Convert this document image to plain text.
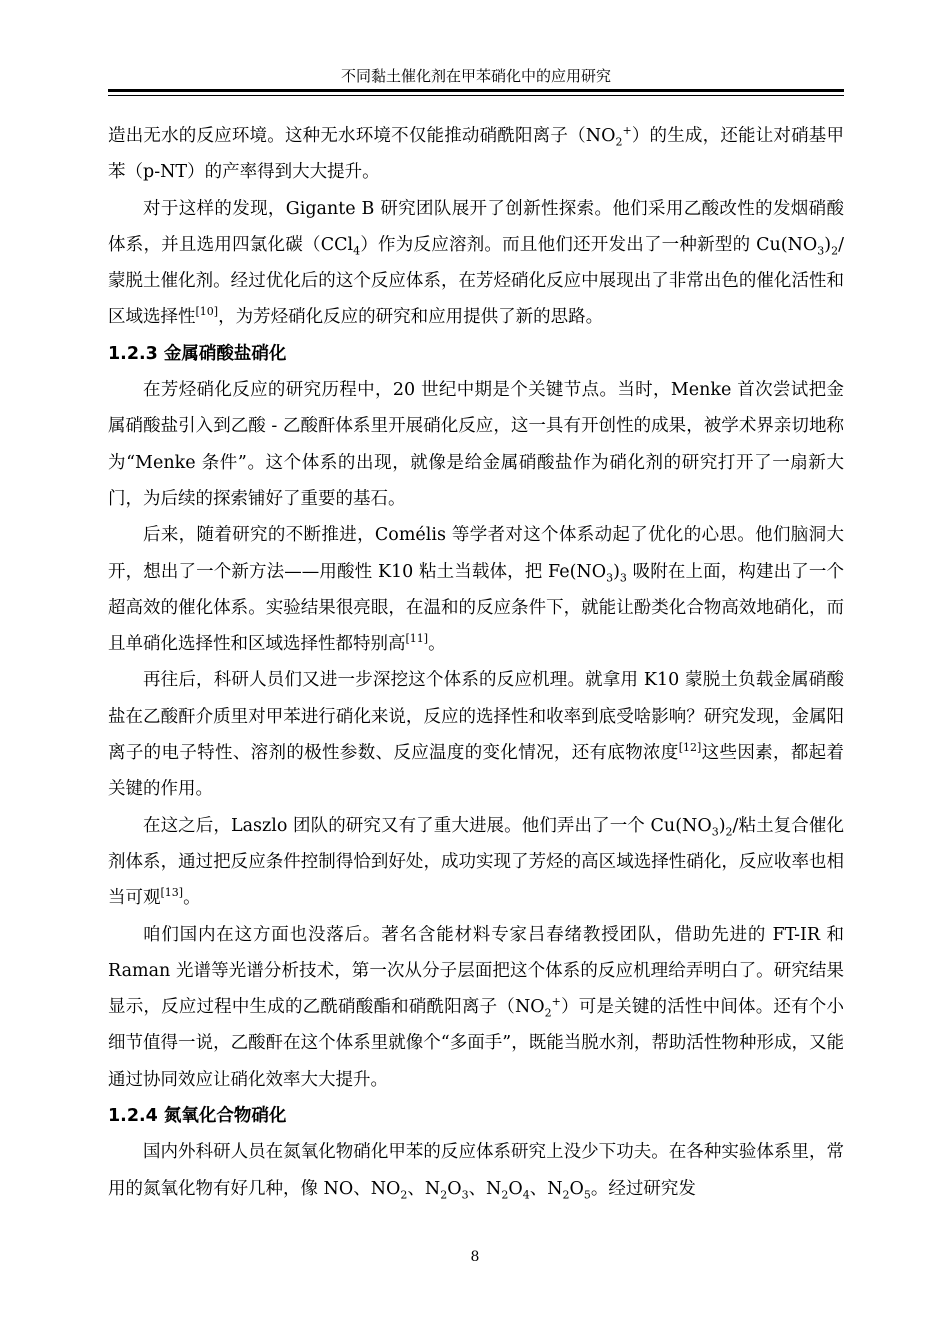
不同黏土催化剂在甲苯硝化中的应用研究

造出无水的反应环境。这种无水环境不仅能推动硝酰阳离子$(NO_2^+)$的生成，还能让对硝基甲苯（p-NT）的产率得到大大提升。

对于这样的发现，Gigante B 研究团队展开了创新性探索。他们采用乙酸改性的发烟硝酸体系，并且选用四氯化碳（CCl$_4$）作为反应溶剂。而且他们还开发出了一种新型的 $Cu(NO_3)_2/$蒙脱土催化剂。经过优化后的这个反应体系，在芳烃硝化反应中展现出了非常出色的催化活性和区域选择性[10]，为芳烃硝化反应的研究和应用提供了新的思路。

1.2.3 金属硝酸盐硝化

在芳烃硝化反应的研究历程中，20 世纪中期是个关键节点。当时，Menke 首次尝试把金属硝酸盐引入到乙酸 - 乙酸酐体系里开展硝化反应，这一具有开创性的成果，被学术界亲切地称为“Menke 条件”。这个体系的出现，就像是给金属硝酸盐作为硝化剂的研究打开了一扇新大门，为后续的探索铺好了重要的基石。

后来，随着研究的不断推进，Comélis 等学者对这个体系动起了优化的心思。他们脑洞大开，想出了一个新方法——用酸性 K10 粘土当载体，把 $Fe(NO_3)_3$ 吸附在上面，构建出了一个超高效的催化体系。实验结果很亮眼，在温和的反应条件下，就能让酚类化合物高效地硝化，而且单硝化选择性和区域选择性都特别高[11]。

再往后，科研人员们又进一步深挖这个体系的反应机理。就拿用 K10 蒙脱土负载金属硝酸盐在乙酸酐介质里对甲苯进行硝化来说，反应的选择性和收率到底受啥影响？研究发现，金属阳离子的电子特性、溶剂的极性参数、反应温度的变化情况，还有底物浓度[12]这些因素，都起着关键的作用。

在这之后，Laszlo 团队的研究又有了重大进展。他们弄出了一个 $Cu(NO_3)_2/$粘土复合催化剂体系，通过把反应条件控制得恰到好处，成功实现了芳烃的高区域选择性硝化，反应收率也相当可观[13]。

咱们国内在这方面也没落后。著名含能材料专家吕春绪教授团队，借助先进的 FT-IR 和 Raman 光谱等光谱分析技术，第一次从分子层面把这个体系的反应机理给弄明白了。研究结果显示，反应过程中生成的乙酰硝酸酯和硝酰阳离子$(NO_2^+)$可是关键的活性中间体。还有个小细节值得一说，乙酸酐在这个体系里就像个“多面手”，既能当脱水剂，帮助活性物种形成，又能通过协同效应让硝化效率大大提升。

1.2.4 氮氧化合物硝化

国内外科研人员在氮氧化物硝化甲苯的反应体系研究上没少下功夫。在各种实验体系里，常用的氮氧化物有好几种，像 NO、$NO_2$、$N_2O_3$、$N_2O_4$、$N_2O_5$。经过研究发

8
